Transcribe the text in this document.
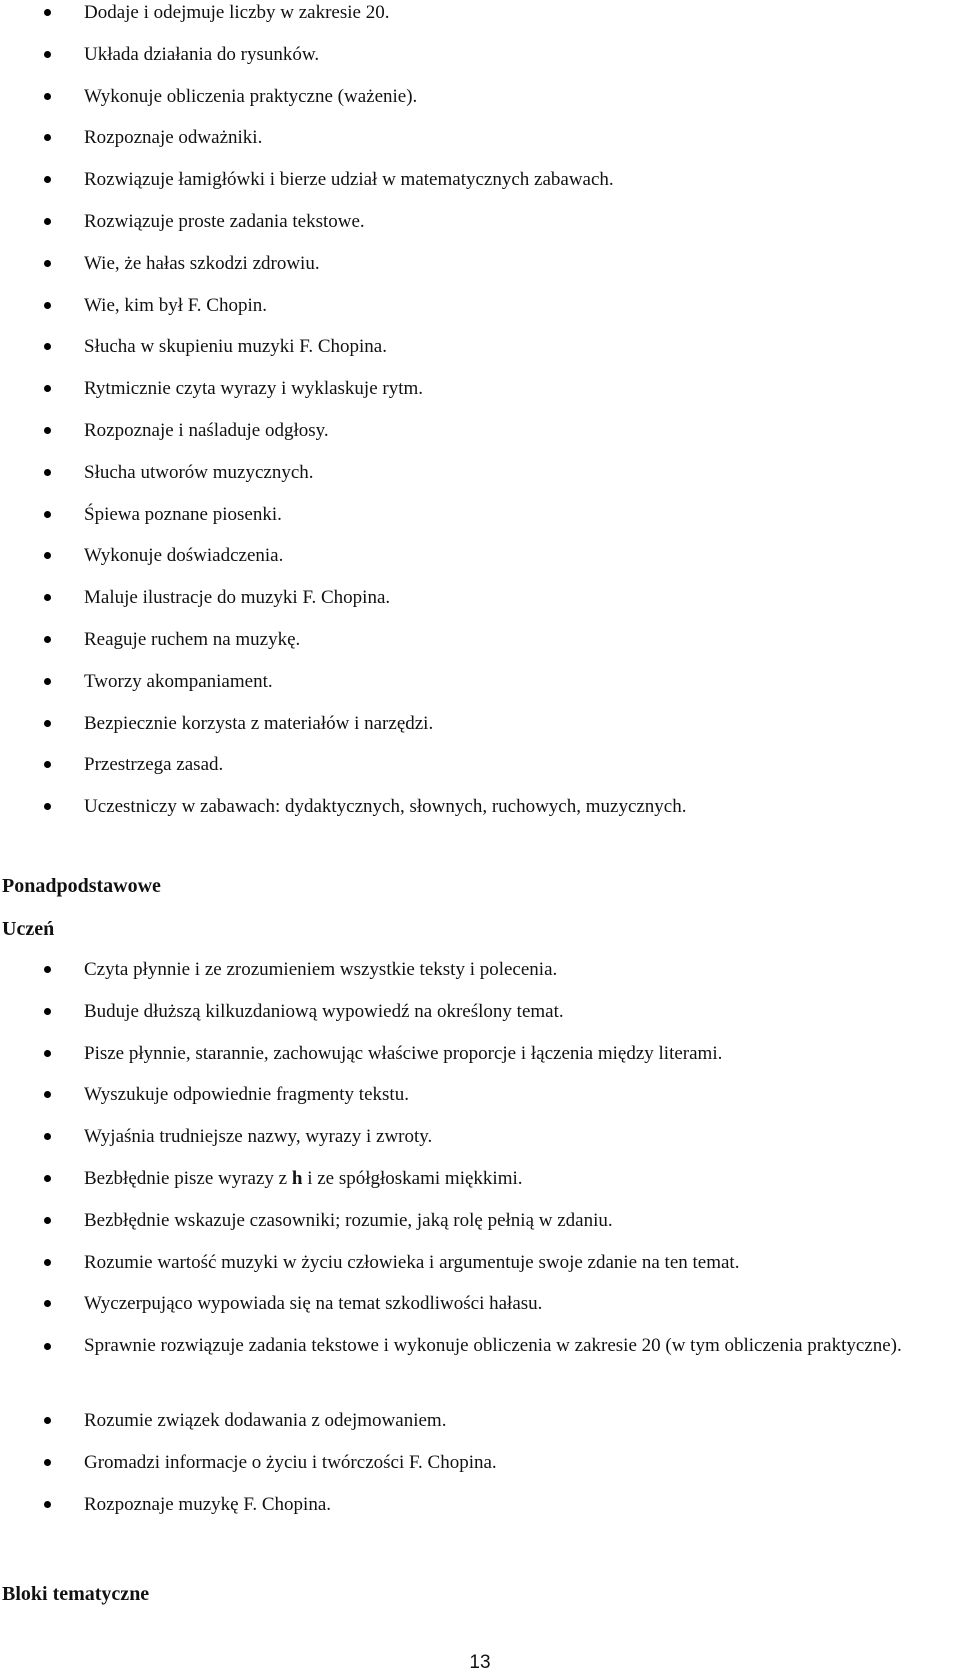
Dodaje i odejmuje liczby w zakresie 20.
Układa działania do rysunków.
Wykonuje obliczenia praktyczne (ważenie).
Rozpoznaje odważniki.
Rozwiązuje łamigłówki i bierze udział w matematycznych zabawach.
Rozwiązuje proste zadania tekstowe.
Wie, że hałas szkodzi zdrowiu.
Wie, kim był F. Chopin.
Słucha w skupieniu muzyki F. Chopina.
Rytmicznie czyta wyrazy i wyklaskuje rytm.
Rozpoznaje i naśladuje odgłosy.
Słucha utworów muzycznych.
Śpiewa poznane piosenki.
Wykonuje doświadczenia.
Maluje ilustracje do muzyki F. Chopina.
Reaguje ruchem na muzykę.
Tworzy akompaniament.
Bezpiecznie korzysta z materiałów i narzędzi.
Przestrzega zasad.
Uczestniczy w zabawach: dydaktycznych, słownych, ruchowych, muzycznych.
Ponadpodstawowe
Uczeń
Czyta płynnie i ze zrozumieniem wszystkie teksty i polecenia.
Buduje dłuższą kilkuzdaniową wypowiedź na określony temat.
Pisze płynnie, starannie, zachowując właściwe proporcje i łączenia między literami.
Wyszukuje odpowiednie fragmenty tekstu.
Wyjaśnia trudniejsze nazwy, wyrazy i zwroty.
Bezbłędnie pisze wyrazy z h i ze spółgłoskami miękkimi.
Bezbłędnie wskazuje czasowniki; rozumie, jaką rolę pełnią w zdaniu.
Rozumie wartość muzyki w życiu człowieka i argumentuje swoje zdanie na ten temat.
Wyczerpująco wypowiada się na temat szkodliwości hałasu.
Sprawnie rozwiązuje zadania tekstowe i wykonuje obliczenia w zakresie 20 (w tym obliczenia praktyczne).
Rozumie związek dodawania z odejmowaniem.
Gromadzi informacje o życiu i twórczości F. Chopina.
Rozpoznaje muzykę F. Chopina.
Bloki tematyczne
13
